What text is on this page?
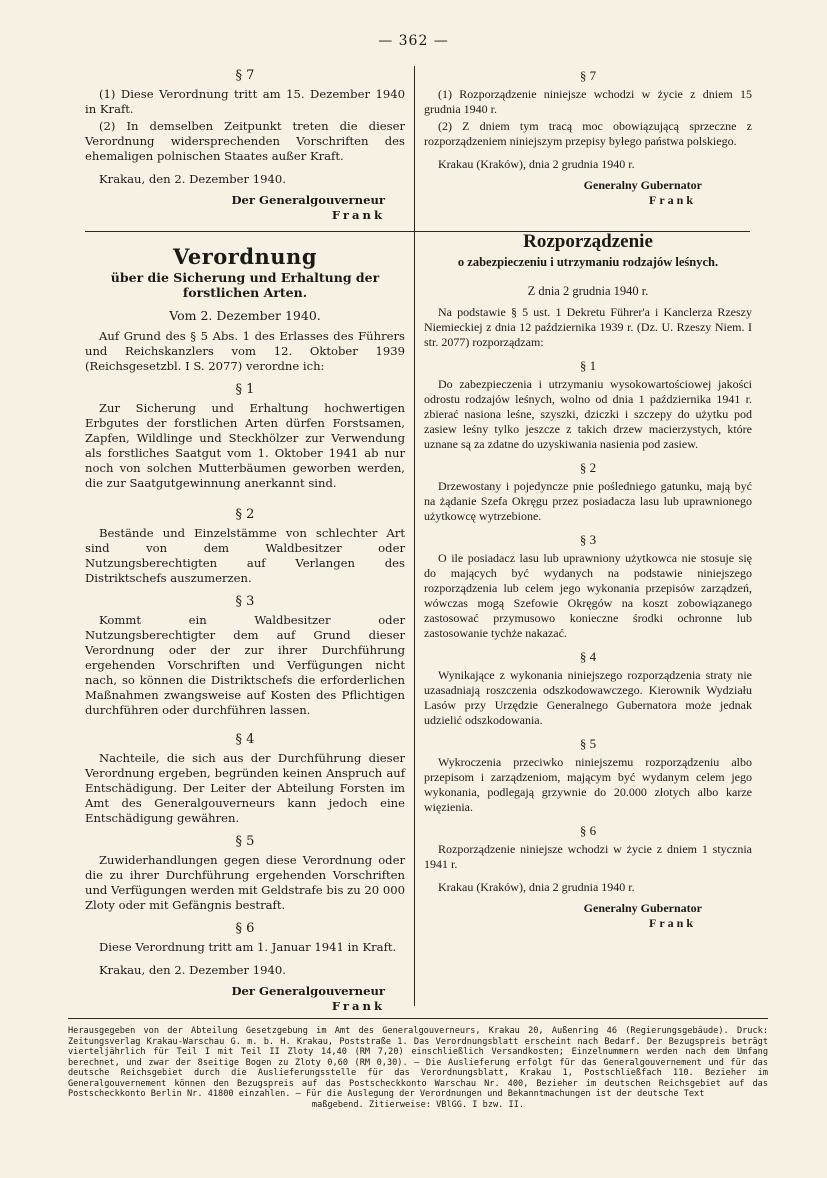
— 362 —
§ 7

(1) Diese Verordnung tritt am 15. Dezember 1940 in Kraft.

(2) In demselben Zeitpunkt treten die dieser Verordnung widersprechenden Vorschriften des ehemaligen polnischen Staates außer Kraft.

Krakau, den 2. Dezember 1940.

Der Generalgouverneur
Frank
Verordnung
über die Sicherung und Erhaltung der forstlichen Arten.
Vom 2. Dezember 1940.

Auf Grund des § 5 Abs. 1 des Erlasses des Führers und Reichskanzlers vom 12. Oktober 1939 (Reichsgesetzbl. I S. 2077) verordne ich:

§ 1

Zur Sicherung und Erhaltung hochwertigen Erbgutes der forstlichen Arten dürfen Forstsamen, Zapfen, Wildlinge und Steckhölzer zur Verwendung als forstliches Saatgut vom 1. Oktober 1941 ab nur noch von solchen Mutterbäumen geworben werden, die zur Saatgutgewinnung anerkannt sind.

§ 2

Bestände und Einzelstämme von schlechter Art sind von dem Waldbesitzer oder Nutzungsberechtigten auf Verlangen des Distriktschefs auszumerzen.

§ 3

Kommt ein Waldbesitzer oder Nutzungsberechtigter dem auf Grund dieser Verordnung oder der zur ihrer Durchführung ergehenden Vorschriften und Verfügungen nicht nach, so können die Distriktschefs die erforderlichen Maßnahmen zwangsweise auf Kosten des Pflichtigen durchführen oder durchführen lassen.

§ 4

Nachteile, die sich aus der Durchführung dieser Verordnung ergeben, begründen keinen Anspruch auf Entschädigung. Der Leiter der Abteilung Forsten im Amt des Generalgouverneurs kann jedoch eine Entschädigung gewähren.

§ 5

Zuwiderhandlungen gegen diese Verordnung oder die zu ihrer Durchführung ergehenden Vorschriften und Verfügungen werden mit Geldstrafe bis zu 20 000 Zloty oder mit Gefängnis bestraft.

§ 6

Diese Verordnung tritt am 1. Januar 1941 in Kraft.

Krakau, den 2. Dezember 1940.

Der Generalgouverneur
Frank
§ 7

(1) Rozporządzenie niniejsze wchodzi w życie z dniem 15 grudnia 1940 r.

(2) Z dniem tym tracą moc obowiązującą sprzeczne z rozporządzeniem niniejszym przepisy byłego państwa polskiego.

Krakau (Kraków), dnia 2 grudnia 1940 r.

Generalny Gubernator
Frank
Rozporządzenie
o zabezpieczeniu i utrzymaniu rodzajów leśnych.
Z dnia 2 grudnia 1940 r.

Na podstawie § 5 ust. 1 Dekretu Führer'a i Kanclerza Rzeszy Niemieckiej z dnia 12 października 1939 r. (Dz. U. Rzeszy Niem. I str. 2077) rozporządzam:

§ 1

Do zabezpieczenia i utrzymaniu wysokowartościowej jakości odrostu rodzajów leśnych, wolno od dnia 1 października 1941 r. zbierać nasiona leśne, szyszki, dziczki i szczepy do użytku pod zasiew leśny tylko jeszcze z takich drzew macierzystych, które uznane są za zdatne do uzyskiwania nasienia pod zasiew.

§ 2

Drzewostany i pojedyncze pnie pośledniego gatunku, mają być na żądanie Szefa Okręgu przez posiadacza lasu lub uprawnionego użytkowcę wytrzebione.

§ 3

O ile posiadacz lasu lub uprawniony użytkowca nie stosuje się do mających być wydanych na podstawie niniejszego rozporządzenia lub celem jego wykonania przepisów zarządzeń, wówczas mogą Szefowie Okręgów na koszt zobowiązanego zastosować przymusowo konieczne środki ochronne lub zastosowanie tychże nakazać.

§ 4

Wynikające z wykonania niniejszego rozporządzenia straty nie uzasadniają roszczenia odszkodowawczego. Kierownik Wydziału Lasów przy Urzędzie Generalnego Gubernatora może jednak udzielić odszkodowania.

§ 5

Wykroczenia przeciwko niniejszemu rozporządzeniu albo przepisom i zarządzeniom, mającym być wydanym celem jego wykonania, podlegają grzywnie do 20.000 złotych albo karze więzienia.

§ 6

Rozporządzenie niniejsze wchodzi w życie z dniem 1 stycznia 1941 r.

Krakau (Kraków), dnia 2 grudnia 1940 r.

Generalny Gubernator
Frank

Herausgegeben von der Abteilung Gesetzgebung im Amt des Generalgouverneurs, Krakau 20, Außenring 46 (Regierungsgebäude). Druck: Zeitungsverlag Krakau-Warschau G. m. b. H. Krakau, Poststraße 1. Das Verordnungsblatt erscheint nach Bedarf. Der Bezugspreis beträgt vierteljährlich für Teil I mit Teil II Zloty 14,40 (RM 7,20) einschließlich Versandkosten; Einzelnummern werden nach dem Umfang berechnet, und zwar der 8seitige Bogen zu Zloty 0,60 (RM 0,30). — Die Auslieferung erfolgt für das Generalgouvernement und für das deutsche Reichsgebiet durch die Auslieferungsstelle für das Verordnungsblatt, Krakau 1, Postschließfach 110. Bezieher im Generalgouvernement können den Bezugspreis auf das Postscheckkonto Warschau Nr. 400, Bezieher im deutschen Reichsgebiet auf das Postscheckkonto Berlin Nr. 41800 einzahlen. — Für die Auslegung der Verordnungen und Bekanntmachungen ist der deutsche Text

maßgebend. Zitierweise: VBlGG. I bzw. II.
